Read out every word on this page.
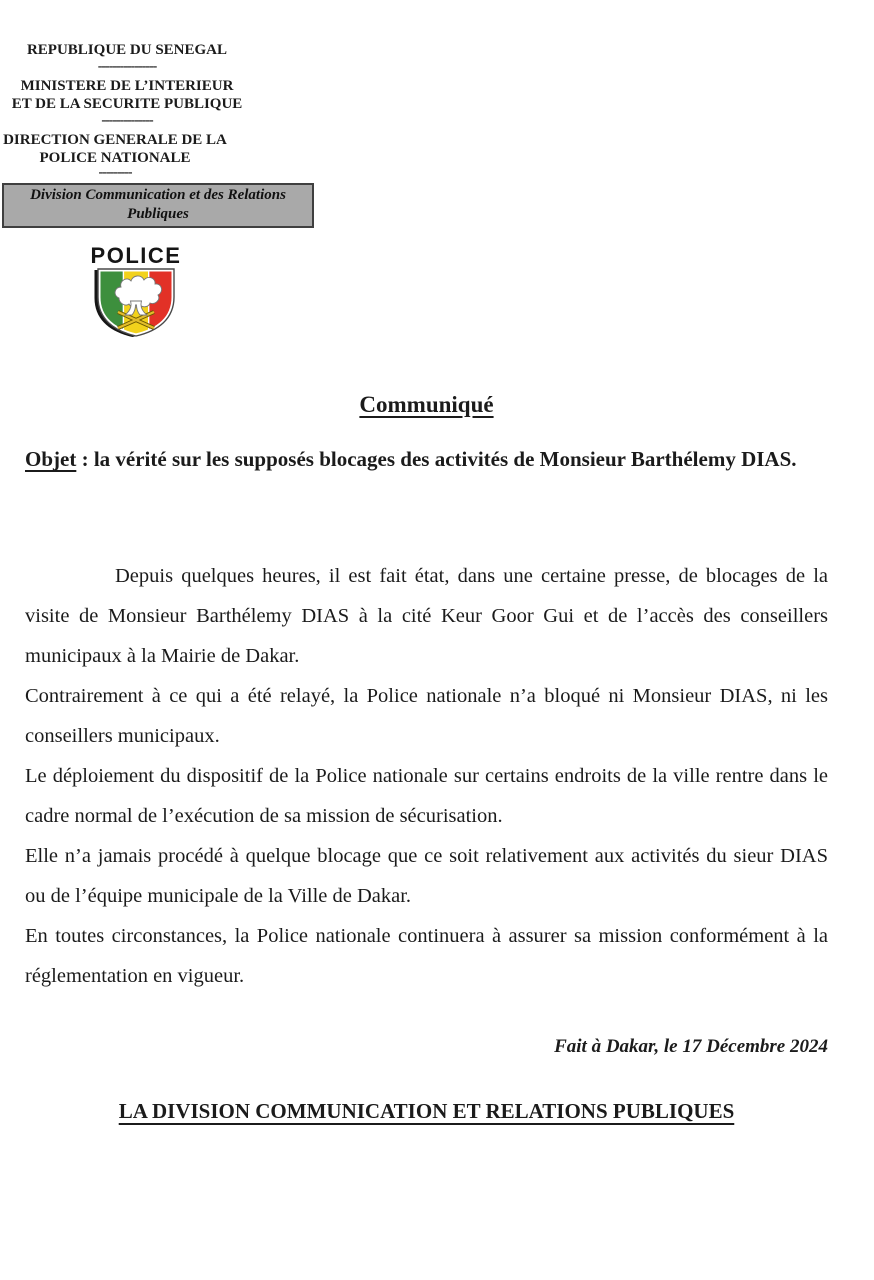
REPUBLIQUE DU SENEGAL
----------------
MINISTERE DE L’INTERIEUR
ET DE LA SECURITE PUBLIQUE
--------------
DIRECTION GENERALE DE LA
POLICE NATIONALE
---------
Division Communication et des Relations Publiques
POLICE
Communiqué
Objet : la vérité sur les supposés blocages des activités de Monsieur Barthélemy DIAS.

Depuis quelques heures, il est fait état, dans une certaine presse, de blocages de la visite de Monsieur Barthélemy DIAS à la cité Keur Goor Gui et de l’accès des conseillers municipaux à la Mairie de Dakar.

Contrairement à ce qui a été relayé, la Police nationale n’a bloqué ni Monsieur DIAS, ni les conseillers municipaux.

Le déploiement du dispositif de la Police nationale sur certains endroits de la ville rentre dans le cadre normal de l’exécution de sa mission de sécurisation.

Elle n’a jamais procédé à quelque blocage que ce soit relativement aux activités du sieur DIAS ou de l’équipe municipale de la Ville de Dakar.

En toutes circonstances, la Police nationale continuera à assurer sa mission conformément à la réglementation en vigueur.

Fait à Dakar, le 17 Décembre 2024
LA DIVISION COMMUNICATION ET RELATIONS PUBLIQUES
